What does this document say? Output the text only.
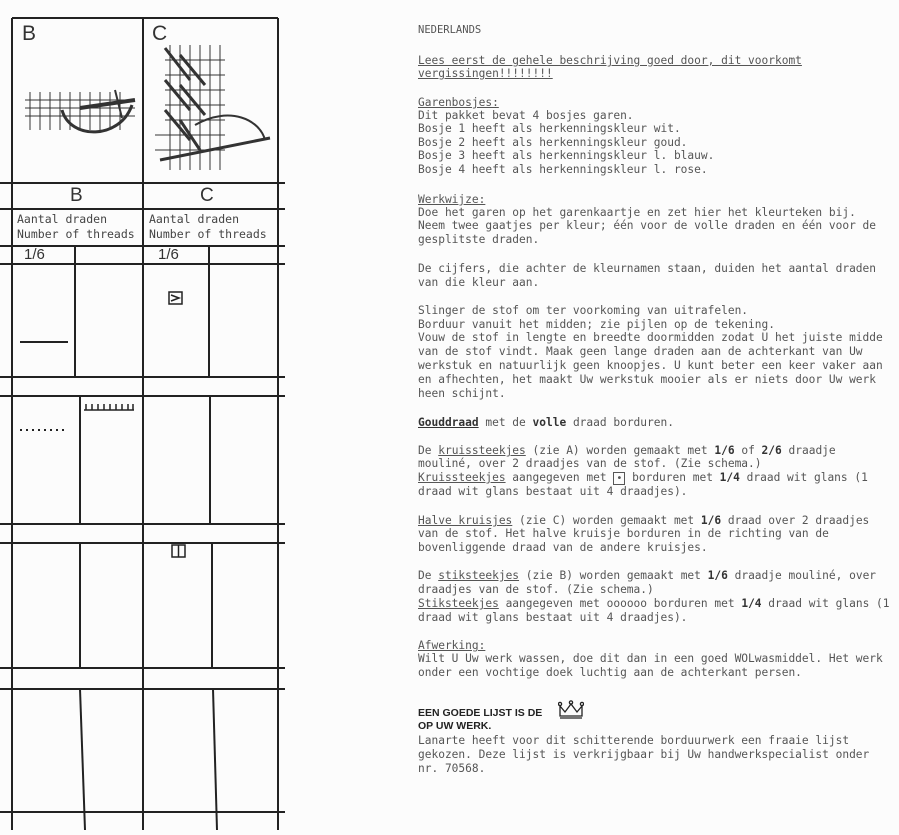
B	C
B	C
Aantal draden
Number of threads
Aantal draden
Number of threads
1/6	1/6
NEDERLANDS
Lees eerst de gehele beschrijving goed door, dit voorkomt
vergissingen!!!!!!!!
Garenbosjes:
Dit pakket bevat 4 bosjes garen.
Bosje 1 heeft als herkenningskleur wit.
Bosje 2 heeft als herkenningskleur goud.
Bosje 3 heeft als herkenningskleur l. blauw.
Bosje 4 heeft als herkenningskleur l. rose.
Werkwijze:
Doe het garen op het garenkaartje en zet hier het kleurteken bij.
Neem twee gaatjes per kleur; één voor de volle draden en één voor de
gesplitste draden.
De cijfers, die achter de kleurnamen staan, duiden het aantal draden
van die kleur aan.
Slinger de stof om ter voorkoming van uitrafelen.
Borduur vanuit het midden; zie pijlen op de tekening.
Vouw de stof in lengte en breedte doormidden zodat U het juiste midde
van de stof vindt. Maak geen lange draden aan de achterkant van Uw
werkstuk en natuurlijk geen knoopjes. U kunt beter een keer vaker aan
en afhechten, het maakt Uw werkstuk mooier als er niets door Uw werk
heen schijnt.
Gouddraad met de volle draad borduren.
De kruissteekjes (zie A) worden gemaakt met 1/6 of 2/6 draadje
mouliné, over 2 draadjes van de stof. (Zie schema.)
Kruissteekjes aangegeven met • borduren met 1/4 draad wit glans (1
draad wit glans bestaat uit 4 draadjes).
Halve kruisjes (zie C) worden gemaakt met 1/6 draad over 2 draadjes
van de stof. Het halve kruisje borduren in de richting van de
bovenliggende draad van de andere kruisjes.
De stiksteekjes (zie B) worden gemaakt met 1/6 draadje mouliné, over
draadjes van de stof. (Zie schema.)
Stiksteekjes aangegeven met oooooo borduren met 1/4 draad wit glans (1
draad wit glans bestaat uit 4 draadjes).
Afwerking:
Wilt U Uw werk wassen, doe dit dan in een goed WOLwasmiddel. Het werk
onder een vochtige doek luchtig aan de achterkant persen.
EEN GOEDE LIJST IS DE
OP UW WERK.
Lanarte heeft voor dit schitterende borduurwerk een fraaie lijst
gekozen. Deze lijst is verkrijgbaar bij Uw handwerkspecialist onder
nr. 70568.
